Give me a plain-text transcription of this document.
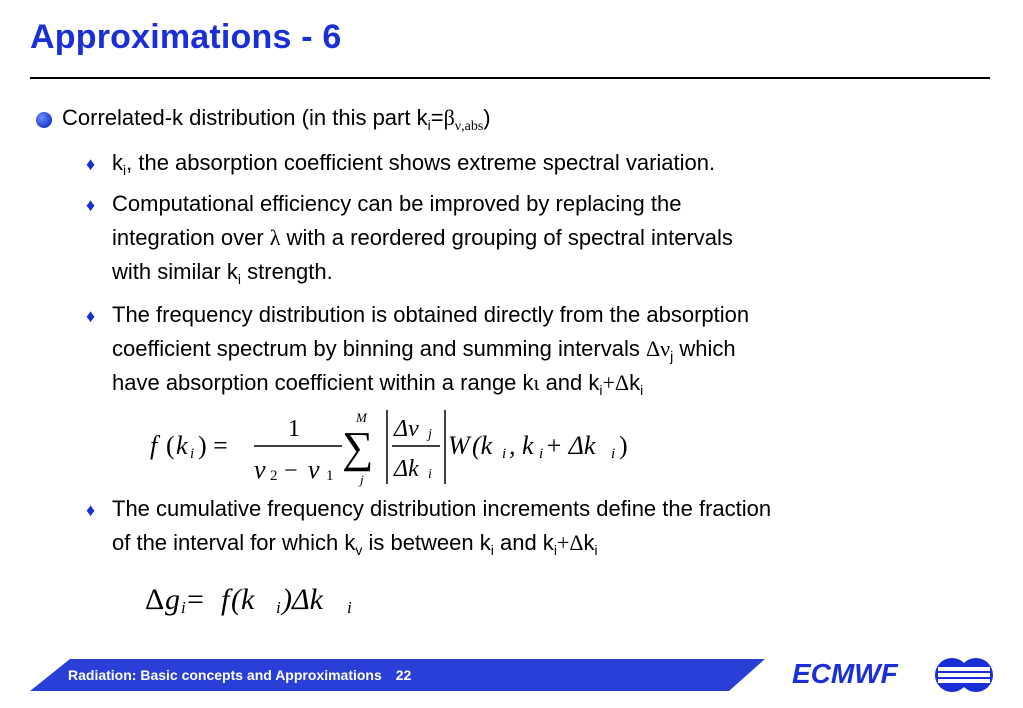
Approximations - 6
Correlated-k distribution (in this part $k_i=\beta_{\nu,abs}$)
♦ $k_i$, the absorption coefficient shows extreme spectral variation.
♦ Computational efficiency can be improved by replacing the
integration over λ with a reordered grouping of spectral intervals
with similar $k_i$ strength.
♦ The frequency distribution is obtained directly from the absorption
coefficient spectrum by binning and summing intervals $\Delta\nu_j$ which
have absorption coefficient within a range kι and $k_i+\Delta k_i$
f ( k i ) =
1
ν 2 − ν 1
M
∑
j
Δν j
Δk i
W (k i , k i + Δk i )
♦ The cumulative frequency distribution increments define the fraction
of the interval for which $k_v$ is between $k_i$ and $k_i+\Delta k_i$
Δ g i = f (k i )Δk i
Radiation: Basic concepts and Approximations 22	ECMWF
